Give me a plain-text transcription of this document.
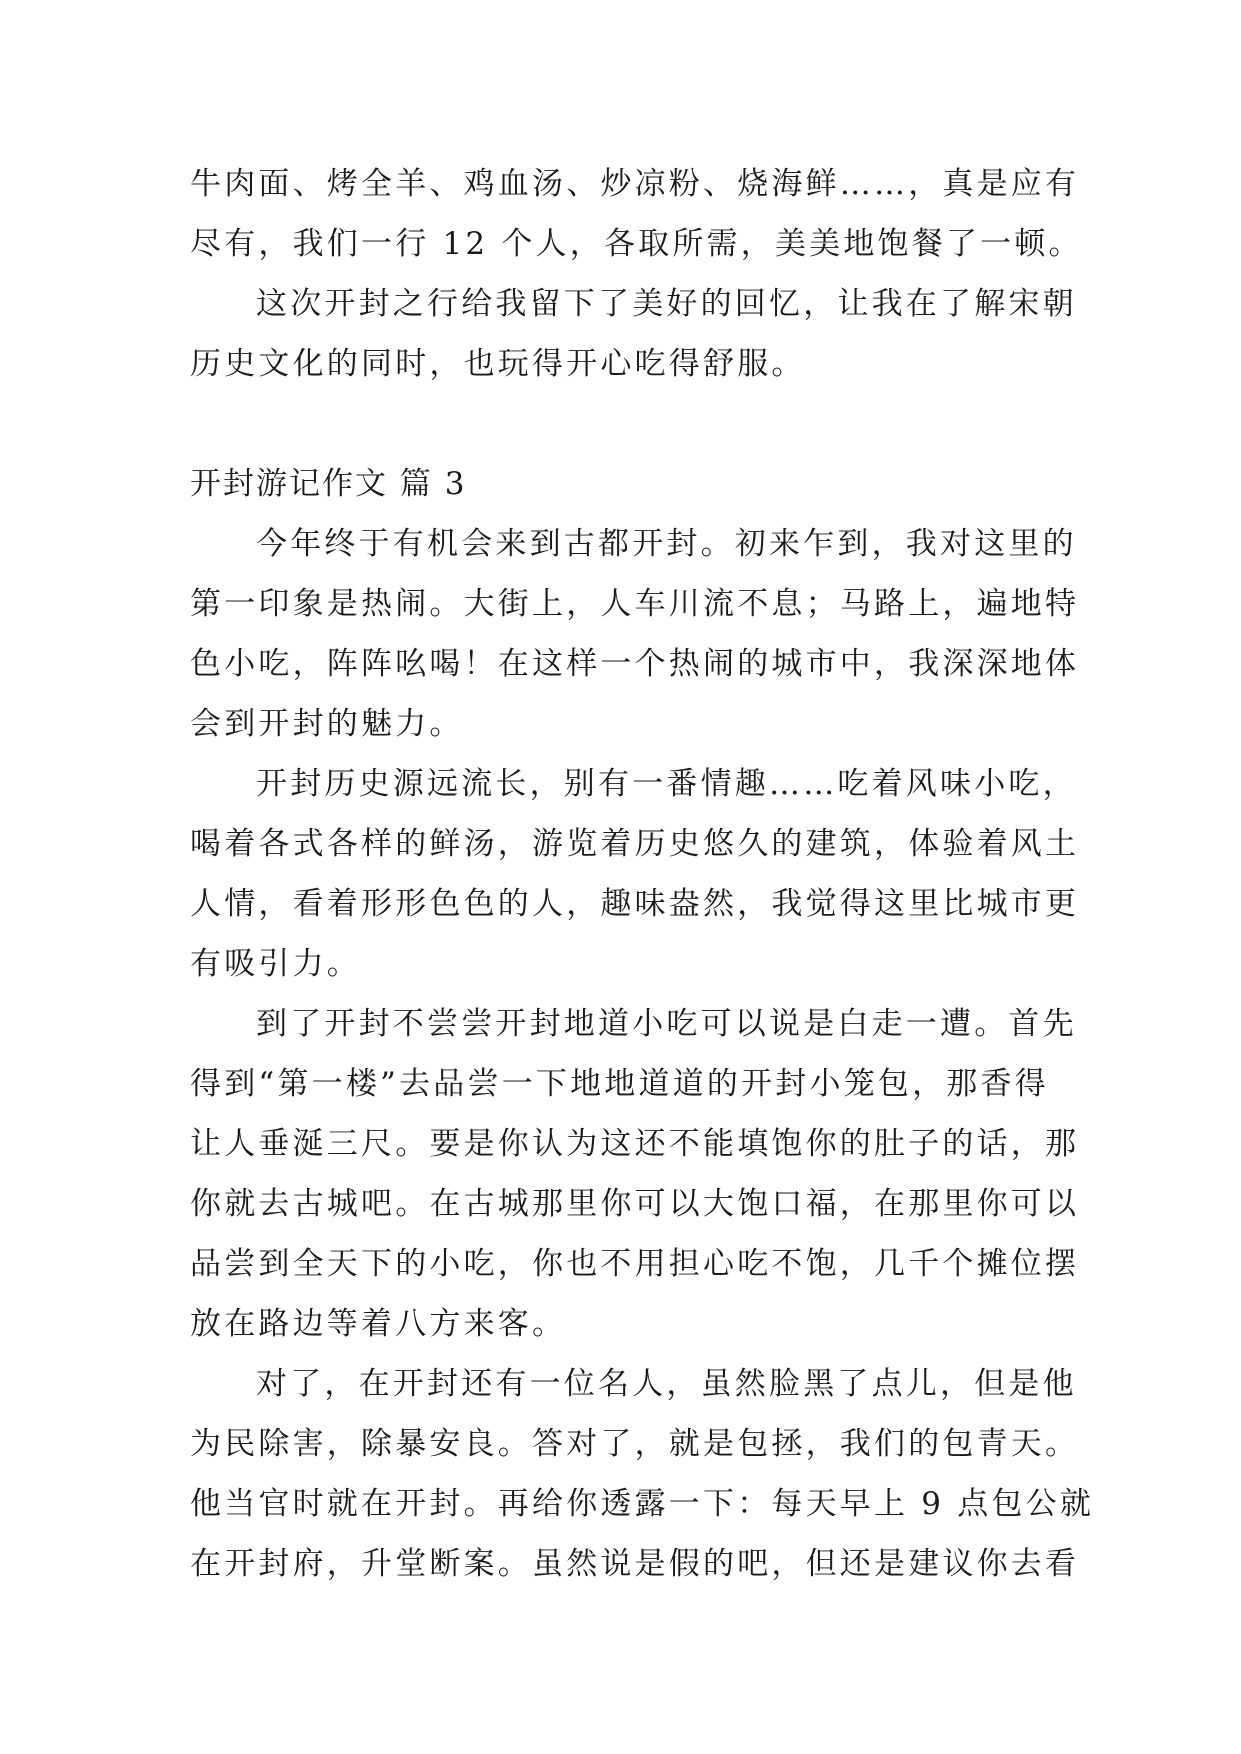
牛肉面、烤全羊、鸡血汤、炒凉粉、烧海鲜……，真是应有
尽有，我们一行 12 个人，各取所需，美美地饱餐了一顿。
这次开封之行给我留下了美好的回忆，让我在了解宋朝
历史文化的同时，也玩得开心吃得舒服。
开封游记作文 篇 3
今年终于有机会来到古都开封。初来乍到，我对这里的
第一印象是热闹。大街上，人车川流不息；马路上，遍地特
色小吃，阵阵吆喝！在这样一个热闹的城市中，我深深地体
会到开封的魅力。
开封历史源远流长，别有一番情趣……吃着风味小吃，
喝着各式各样的鲜汤，游览着历史悠久的建筑，体验着风土
人情，看着形形色色的人，趣味盎然，我觉得这里比城市更
有吸引力。
到了开封不尝尝开封地道小吃可以说是白走一遭。首先
得到“第一楼”去品尝一下地地道道的开封小笼包，那香得
让人垂涎三尺。要是你认为这还不能填饱你的肚子的话，那
你就去古城吧。在古城那里你可以大饱口福，在那里你可以
品尝到全天下的小吃，你也不用担心吃不饱，几千个摊位摆
放在路边等着八方来客。
对了，在开封还有一位名人，虽然脸黑了点儿，但是他
为民除害，除暴安良。答对了，就是包拯，我们的包青天。
他当官时就在开封。再给你透露一下：每天早上 9 点包公就
在开封府，升堂断案。虽然说是假的吧，但还是建议你去看
